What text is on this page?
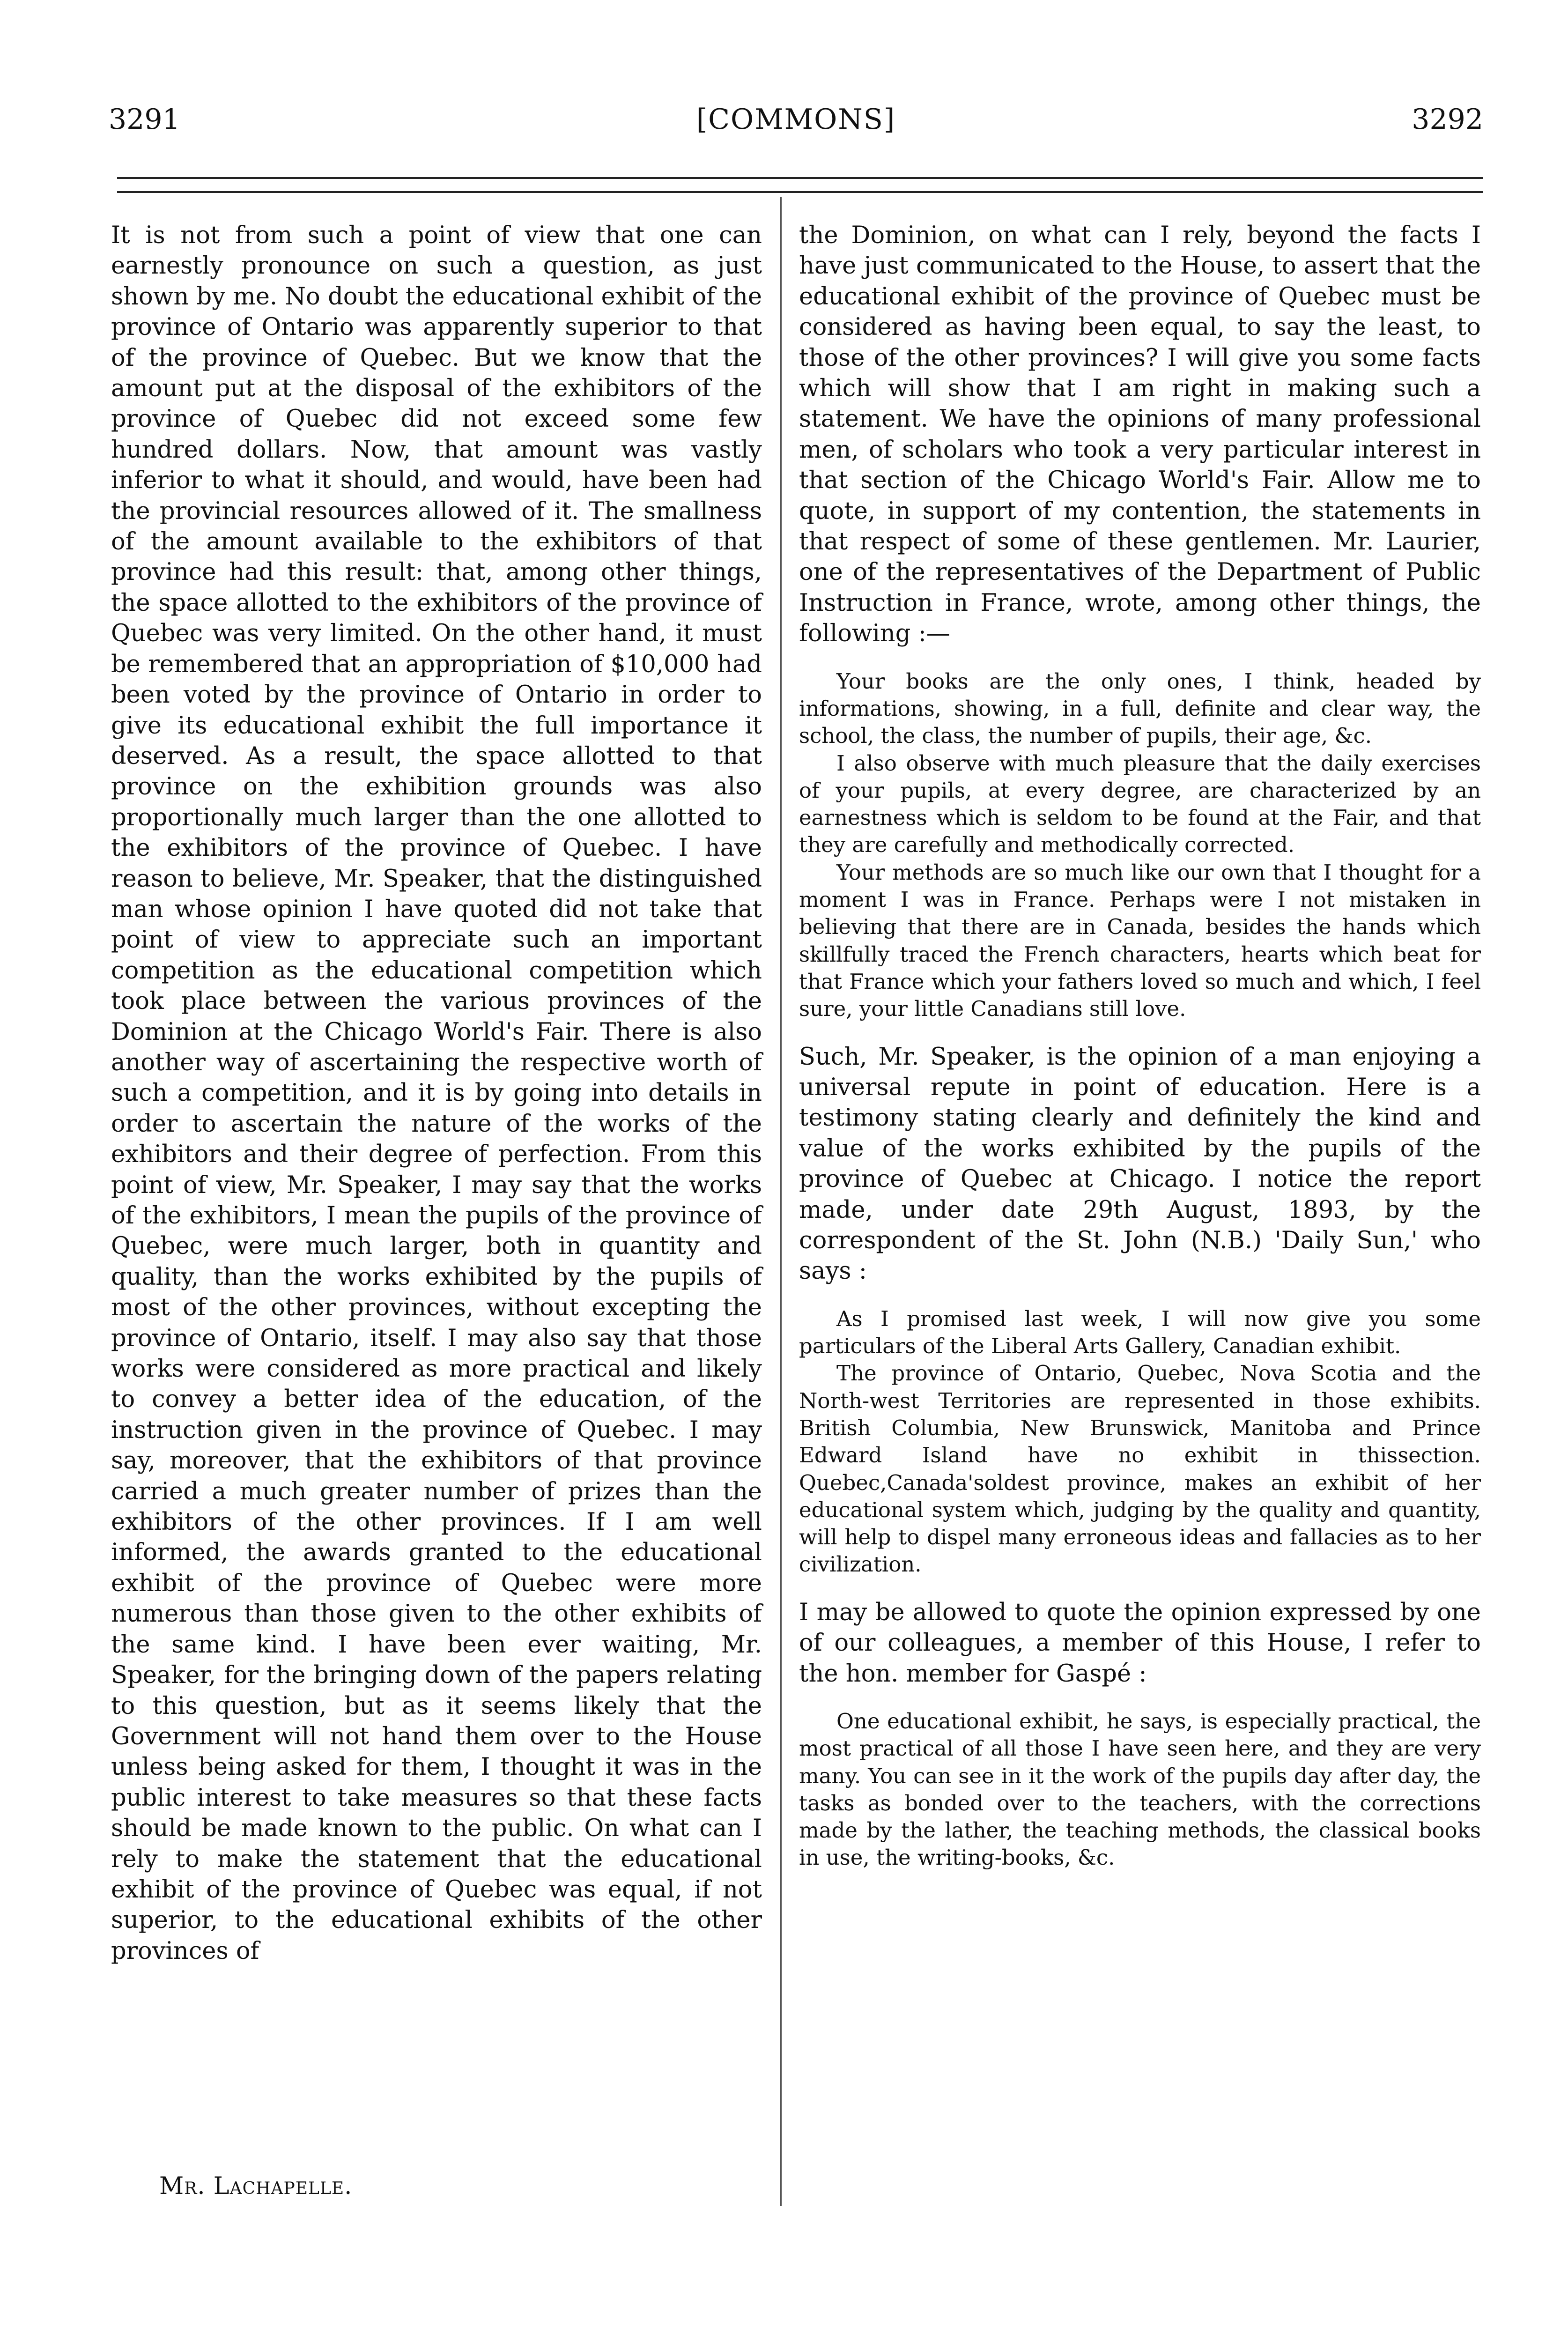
3291	[COMMONS]	3292

It is not from such a point of view that one can earnestly pronounce on such a question, as just shown by me. No doubt the educational exhibit of the province of Ontario was apparently superior to that of the province of Quebec. But we know that the amount put at the disposal of the exhibitors of the province of Quebec did not exceed some few hundred dollars. Now, that amount was vastly inferior to what it should, and would, have been had the provincial resources allowed of it. The smallness of the amount available to the exhibitors of that province had this result: that, among other things, the space allotted to the exhibitors of the province of Quebec was very limited. On the other hand, it must be remembered that an appropriation of $10,000 had been voted by the province of Ontario in order to give its educational exhibit the full importance it deserved. As a result, the space allotted to that province on the exhibition grounds was also proportionally much larger than the one allotted to the exhibitors of the province of Quebec. I have reason to believe, Mr. Speaker, that the distinguished man whose opinion I have quoted did not take that point of view to appreciate such an important competition as the educational competition which took place between the various provinces of the Dominion at the Chicago World's Fair. There is also another way of ascertaining the respective worth of such a competition, and it is by going into details in order to ascertain the nature of the works of the exhibitors and their degree of perfection. From this point of view, Mr. Speaker, I may say that the works of the exhibitors, I mean the pupils of the province of Quebec, were much larger, both in quantity and quality, than the works exhibited by the pupils of most of the other provinces, without excepting the province of Ontario, itself. I may also say that those works were considered as more practical and likely to convey a better idea of the education, of the instruction given in the province of Quebec. I may say, moreover, that the exhibitors of that province carried a much greater number of prizes than the exhibitors of the other provinces. If I am well informed, the awards granted to the educational exhibit of the province of Quebec were more numerous than those given to the other exhibits of the same kind. I have been ever waiting, Mr. Speaker, for the bringing down of the papers relating to this question, but as it seems likely that the Government will not hand them over to the House unless being asked for them, I thought it was in the public interest to take measures so that these facts should be made known to the public. On what can I rely to make the statement that the educational exhibit of the province of Quebec was equal, if not superior, to the educational exhibits of the other provinces of

the Dominion, on what can I rely, beyond the facts I have just communicated to the House, to assert that the educational exhibit of the province of Quebec must be considered as having been equal, to say the least, to those of the other provinces? I will give you some facts which will show that I am right in making such a statement. We have the opinions of many professional men, of scholars who took a very particular interest in that section of the Chicago World's Fair. Allow me to quote, in support of my contention, the statements in that respect of some of these gentlemen. Mr. Laurier, one of the representatives of the Department of Public Instruction in France, wrote, among other things, the following :—

Your books are the only ones, I think, headed by informations, showing, in a full, definite and clear way, the school, the class, the number of pupils, their age, &c.

I also observe with much pleasure that the daily exercises of your pupils, at every degree, are characterized by an earnestness which is seldom to be found at the Fair, and that they are carefully and methodically corrected.

Your methods are so much like our own that I thought for a moment I was in France. Perhaps were I not mistaken in believing that there are in Canada, besides the hands which skillfully traced the French characters, hearts which beat for that France which your fathers loved so much and which, I feel sure, your little Canadians still love.

Such, Mr. Speaker, is the opinion of a man enjoying a universal repute in point of education. Here is a testimony stating clearly and definitely the kind and value of the works exhibited by the pupils of the province of Quebec at Chicago. I notice the report made, under date 29th August, 1893, by the correspondent of the St. John (N.B.) 'Daily Sun,' who says :

As I promised last week, I will now give you some particulars of the Liberal Arts Gallery, Canadian exhibit.

The province of Ontario, Quebec, Nova Scotia and the North-west Territories are represented in those exhibits. British Columbia, New Brunswick, Manitoba and Prince Edward Island have no exhibit in thissection. Quebec,Canada'soldest province, makes an exhibit of her educational system which, judging by the quality and quantity, will help to dispel many erroneous ideas and fallacies as to her civilization.

I may be allowed to quote the opinion expressed by one of our colleagues, a member of this House, I refer to the hon. member for Gaspé :

One educational exhibit, he says, is especially practical, the most practical of all those I have seen here, and they are very many. You can see in it the work of the pupils day after day, the tasks as bonded over to the teachers, with the corrections made by the lather, the teaching methods, the classical books in use, the writing-books, &c.

Mr. Lachapelle.
